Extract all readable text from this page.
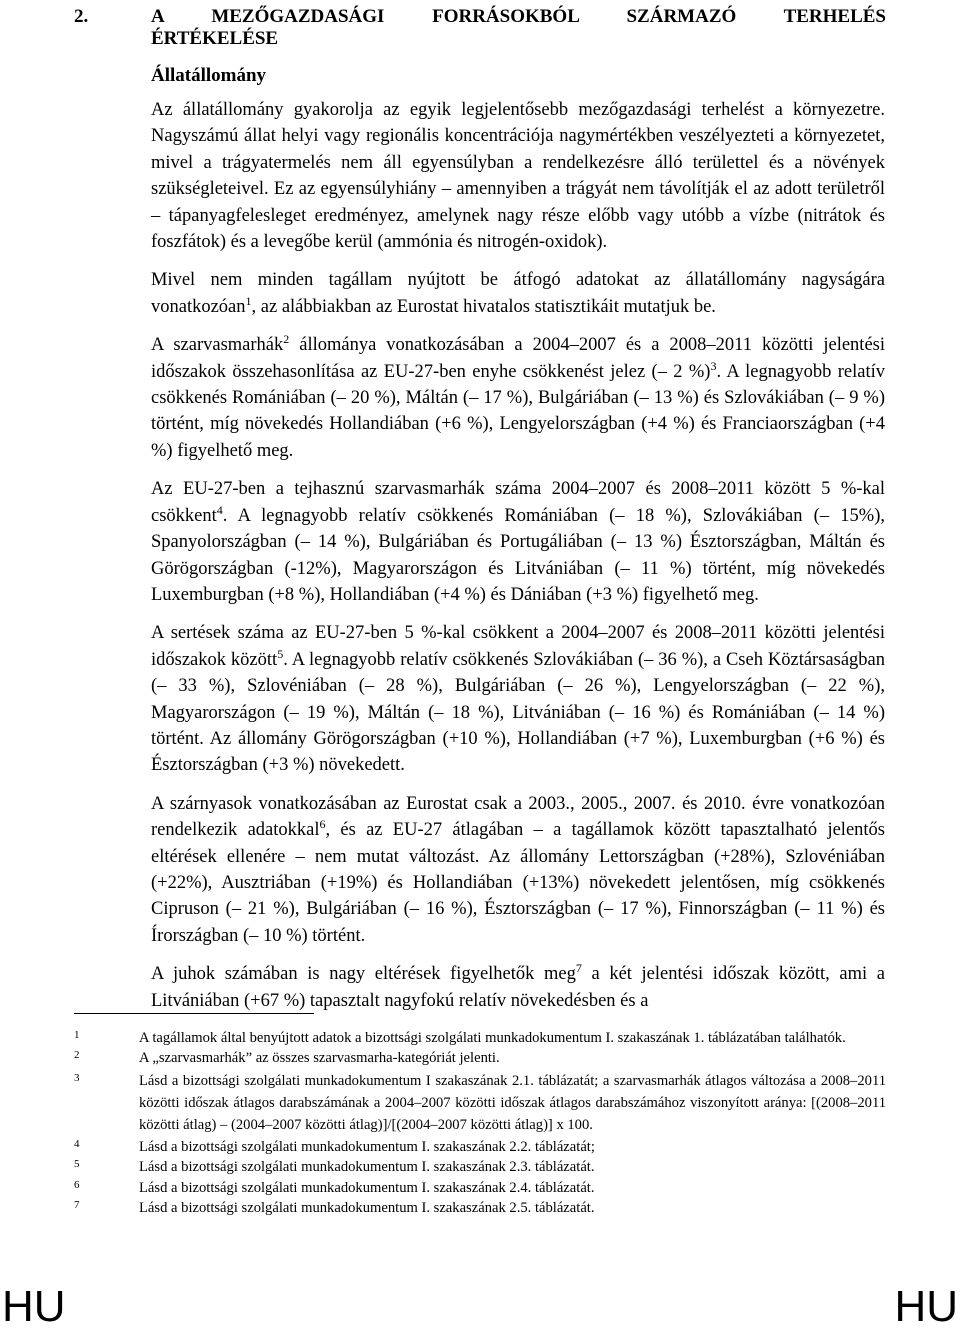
2.	A MEZŐGAZDASÁGI FORRÁSOKBÓL SZÁRMAZÓ TERHELÉS
ÉRTÉKELÉSE
Állatállomány

Az állatállomány gyakorolja az egyik legjelentősebb mezőgazdasági terhelést a környezetre. Nagyszámú állat helyi vagy regionális koncentrációja nagymértékben veszélyezteti a környezetet, mivel a trágyatermelés nem áll egyensúlyban a rendelkezésre álló területtel és a növények szükségleteivel. Ez az egyensúlyhiány – amennyiben a trágyát nem távolítják el az adott területről – tápanyagfelesleget eredményez, amelynek nagy része előbb vagy utóbb a vízbe (nitrátok és foszfátok) és a levegőbe kerül (ammónia és nitrogén-oxidok).

Mivel nem minden tagállam nyújtott be átfogó adatokat az állatállomány nagyságára vonatkozóan$^1$, az alábbiakban az Eurostat hivatalos statisztikáit mutatjuk be.

A szarvasmarhák$^2$ állománya vonatkozásában a 2004–2007 és a 2008–2011 közötti jelentési időszakok összehasonlítása az EU-27-ben enyhe csökkenést jelez (– 2 %)$^3$. A legnagyobb relatív csökkenés Romániában (– 20 %), Máltán (– 17 %), Bulgáriában (– 13 %) és Szlovákiában (– 9 %) történt, míg növekedés Hollandiában (+6 %), Lengyelországban (+4 %) és Franciaországban (+4 %) figyelhető meg.

Az EU-27-ben a tejhasznú szarvasmarhák száma 2004–2007 és 2008–2011 között 5 %-kal csökkent$^4$. A legnagyobb relatív csökkenés Romániában (– 18 %), Szlovákiában (– 15%), Spanyolországban (– 14 %), Bulgáriában és Portugáliában (– 13 %) Észtországban, Máltán és Görögországban (-12%), Magyarországon és Litvániában (– 11 %) történt, míg növekedés Luxemburgban (+8 %), Hollandiában (+4 %) és Dániában (+3 %) figyelhető meg.

A sertések száma az EU-27-ben 5 %-kal csökkent a 2004–2007 és 2008–2011 közötti jelentési időszakok között$^5$. A legnagyobb relatív csökkenés Szlovákiában (– 36 %), a Cseh Köztársaságban (– 33 %), Szlovéniában (– 28 %), Bulgáriában (– 26 %), Lengyelországban (– 22 %), Magyarországon (– 19 %), Máltán (– 18 %), Litvániában (– 16 %) és Romániában (– 14 %) történt. Az állomány Görögországban (+10 %), Hollandiában (+7 %), Luxemburgban (+6 %) és Észtországban (+3 %) növekedett.

A szárnyasok vonatkozásában az Eurostat csak a 2003., 2005., 2007. és 2010. évre vonatkozóan rendelkezik adatokkal$^6$, és az EU-27 átlagában – a tagállamok között tapasztalható jelentős eltérések ellenére – nem mutat változást. Az állomány Lettországban (+28%), Szlovéniában (+22%), Ausztriában (+19%) és Hollandiában (+13%) növekedett jelentősen, míg csökkenés Cipruson (– 21 %), Bulgáriában (– 16 %), Észtországban (– 17 %), Finnországban (– 11 %) és Írországban (– 10 %) történt.

A juhok számában is nagy eltérések figyelhetők meg$^7$ a két jelentési időszak között, ami a Litvániában (+67 %) tapasztalt nagyfokú relatív növekedésben és a

1	A tagállamok által benyújtott adatok a bizottsági szolgálati munkadokumentum I. szakaszának 1. táblázatában találhatók.
2	A „szarvasmarhák” az összes szarvasmarha-kategóriát jelenti.
3	Lásd a bizottsági szolgálati munkadokumentum I szakaszának 2.1. táblázatát; a szarvasmarhák átlagos változása a 2008–2011 közötti időszak átlagos darabszámának a 2004–2007 közötti időszak átlagos darabszámához viszonyított aránya: [(2008–2011 közötti átlag) – (2004–2007 közötti átlag)]/[(2004–2007 közötti átlag)] x 100.
4	Lásd a bizottsági szolgálati munkadokumentum I. szakaszának 2.2. táblázatát;
5	Lásd a bizottsági szolgálati munkadokumentum I. szakaszának 2.3. táblázatát.
6	Lásd a bizottsági szolgálati munkadokumentum I. szakaszának 2.4. táblázatát.
7	Lásd a bizottsági szolgálati munkadokumentum I. szakaszának 2.5. táblázatát.
HU	HU
